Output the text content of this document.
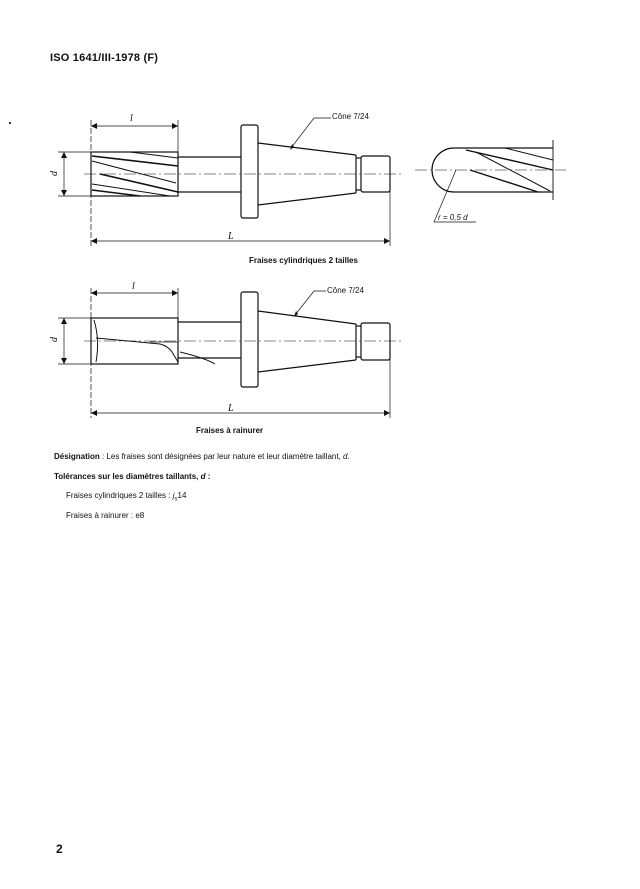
ISO 1641/III-1978 (F)
l
L
d
Cône 7/24
r = 0,5 d
Fraises cylindriques 2 tailles
l
L
d
Cône 7/24
Fraises à rainurer
Désignation : Les fraises sont désignées par leur nature et leur diamètre taillant, d.
Tolérances sur les diamètres taillants, d :
Fraises cylindriques 2 tailles : $j_s14$
Fraises à rainurer : e8
2
